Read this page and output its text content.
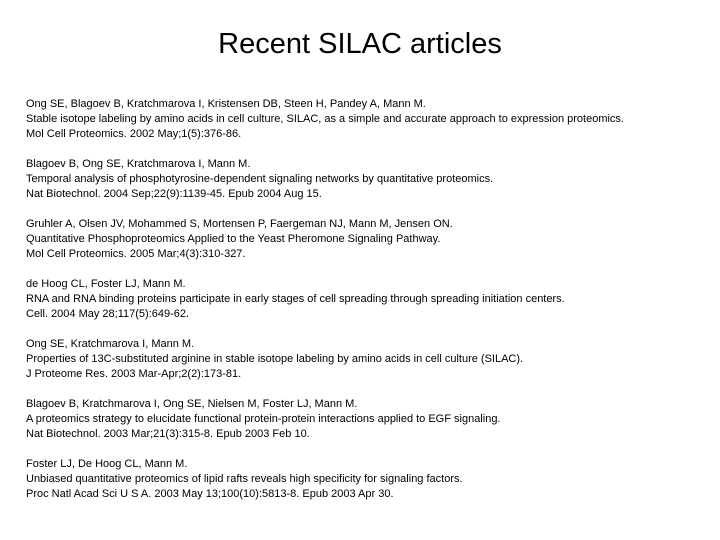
Recent SILAC articles
Ong SE, Blagoev B, Kratchmarova I, Kristensen DB, Steen H, Pandey A, Mann M.
Stable isotope labeling by amino acids in cell culture, SILAC, as a simple and accurate approach to expression proteomics.
Mol Cell Proteomics. 2002 May;1(5):376-86.
Blagoev B, Ong SE, Kratchmarova I, Mann M.
Temporal analysis of phosphotyrosine-dependent signaling networks by quantitative proteomics.
Nat Biotechnol. 2004 Sep;22(9):1139-45. Epub 2004 Aug 15.
Gruhler A, Olsen JV, Mohammed S, Mortensen P, Faergeman NJ, Mann M, Jensen ON.
Quantitative Phosphoproteomics Applied to the Yeast Pheromone Signaling Pathway.
Mol Cell Proteomics. 2005 Mar;4(3):310-327.
de Hoog CL, Foster LJ, Mann M.
RNA and RNA binding proteins participate in early stages of cell spreading through spreading initiation centers.
Cell. 2004 May 28;117(5):649-62.
Ong SE, Kratchmarova I, Mann M.
Properties of 13C-substituted arginine in stable isotope labeling by amino acids in cell culture (SILAC).
J Proteome Res. 2003 Mar-Apr;2(2):173-81.
Blagoev B, Kratchmarova I, Ong SE, Nielsen M, Foster LJ, Mann M.
A proteomics strategy to elucidate functional protein-protein interactions applied to EGF signaling.
Nat Biotechnol. 2003 Mar;21(3):315-8. Epub 2003 Feb 10.
Foster LJ, De Hoog CL, Mann M.
Unbiased quantitative proteomics of lipid rafts reveals high specificity for signaling factors.
Proc Natl Acad Sci U S A. 2003 May 13;100(10):5813-8. Epub 2003 Apr 30.
